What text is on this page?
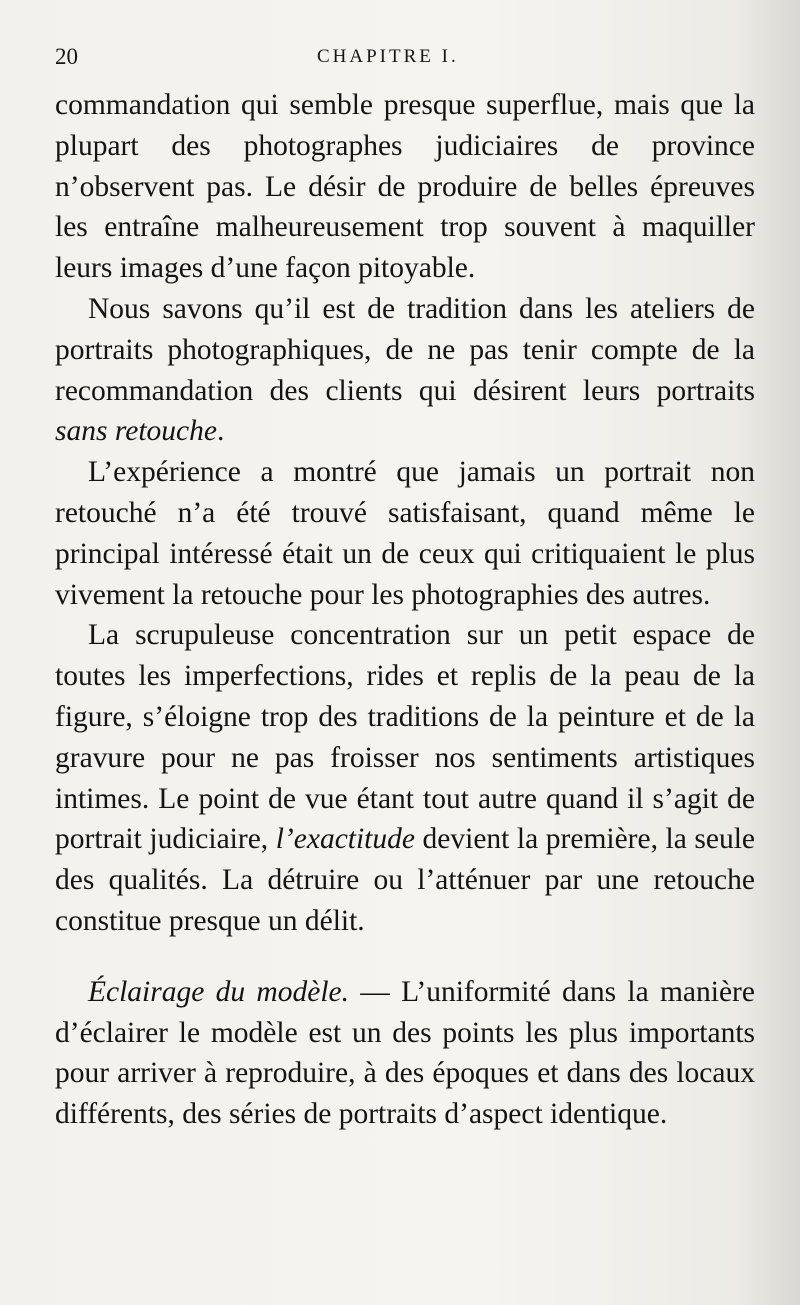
20	CHAPITRE I.

commandation qui semble presque superflue, mais que la plupart des photographes judiciaires de province n’observent pas. Le désir de produire de belles épreuves les entraîne malheureusement trop souvent à maquiller leurs images d’une façon pitoyable.

Nous savons qu’il est de tradition dans les ateliers de portraits photographiques, de ne pas tenir compte de la recommandation des clients qui désirent leurs portraits sans retouche.

L’expérience a montré que jamais un portrait non retouché n’a été trouvé satisfaisant, quand même le principal intéressé était un de ceux qui critiquaient le plus vivement la retouche pour les photographies des autres.

La scrupuleuse concentration sur un petit espace de toutes les imperfections, rides et replis de la peau de la figure, s’éloigne trop des traditions de la peinture et de la gravure pour ne pas froisser nos sentiments artistiques intimes. Le point de vue étant tout autre quand il s’agit de portrait judiciaire, l’exactitude devient la première, la seule des qualités. La détruire ou l’atténuer par une retouche constitue presque un délit.

Éclairage du modèle. — L’uniformité dans la manière d’éclairer le modèle est un des points les plus importants pour arriver à reproduire, à des époques et dans des locaux différents, des séries de portraits d’aspect identique.
